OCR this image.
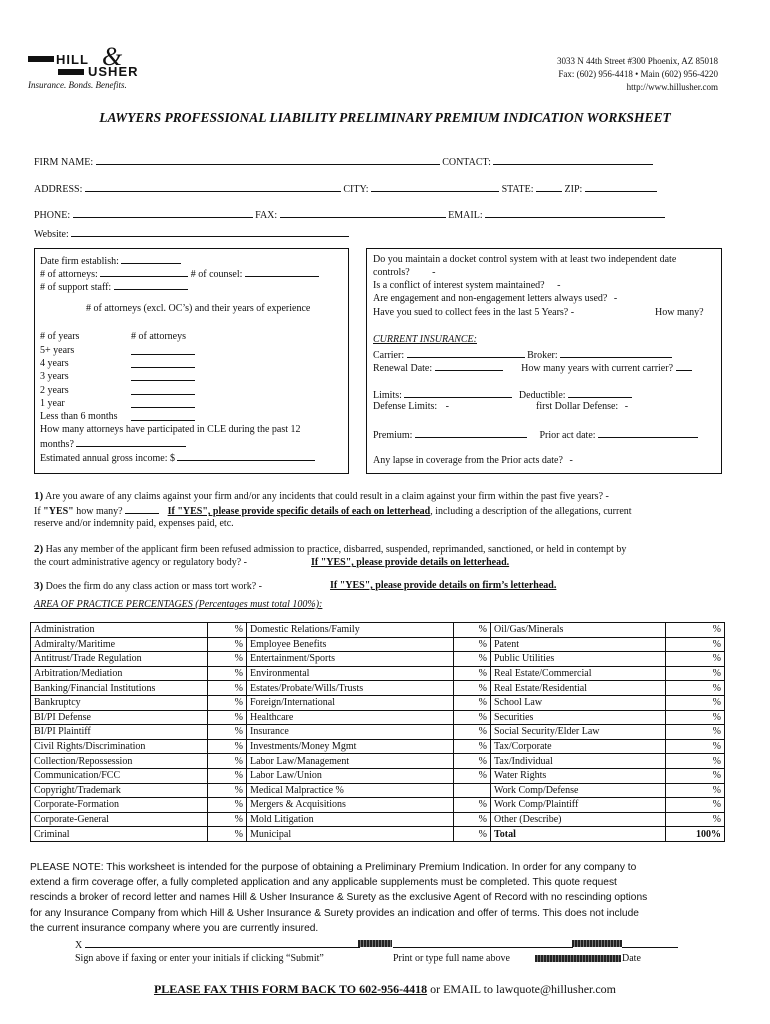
HILL &
USHER
Insurance. Bonds. Benefits.
3033 N 44th Street #300 Phoenix, AZ 85018
Fax: (602) 956-4418 • Main (602) 956-4220
http://www.hillusher.com
LAWYERS PROFESSIONAL LIABILITY PRELIMINARY PREMIUM INDICATION WORKSHEET
FIRM NAME:	CONTACT:
ADDRESS:	CITY:	STATE:	ZIP:
PHONE:	FAX:	EMAIL:
Website:
Date firm establish:
# of attorneys:	# of counsel:
# of support staff:
# of attorneys (excl. OC’s) and their years of experience
# of years	# of attorneys
5+ years
4 years
3 years
2 years
1 year
Less than 6 months
How many attorneys have participated in CLE during the past 12
months?
Estimated annual gross income: $
Do you maintain a docket control system with at least two independent date
controls? -
Is a conflict of interest system maintained? -
Are engagement and non-engagement letters always used? -
Have you sued to collect fees in the last 5 Years? -	How many?
CURRENT INSURANCE:
Carrier:	Broker:
Renewal Date:	How many years with current carrier?
Limits:	Deductible:
Defense Limits: -	first Dollar Defense: -
Premium:	Prior act date:
Any lapse in coverage from the Prior acts date? -
1) Are you aware of any claims against your firm and/or any incidents that could result in a claim against your firm within the past five years? -
If "YES" how many?	If "YES", please provide specific details of each on letterhead, including a description of the allegations, current
reserve and/or indemnity paid, expenses paid, etc.
2) Has any member of the applicant firm been refused admission to practice, disbarred, suspended, reprimanded, sanctioned, or held in contempt by
the court administrative agency or regulatory body? -	If "YES", please provide details on letterhead.
3) Does the firm do any class action or mass tort work? -	If "YES", please provide details on firm’s letterhead.
AREA OF PRACTICE PERCENTAGES (Percentages must total 100%):
Administration	%	Domestic Relations/Family	%	Oil/Gas/Minerals	%
Admiralty/Maritime	%	Employee Benefits	%	Patent	%
Antitrust/Trade Regulation	%	Entertainment/Sports	%	Public Utilities	%
Arbitration/Mediation	%	Environmental	%	Real Estate/Commercial	%
Banking/Financial Institutions	%	Estates/Probate/Wills/Trusts	%	Real Estate/Residential	%
Bankruptcy	%	Foreign/International	%	School Law	%
BI/PI Defense	%	Healthcare	%	Securities	%
BI/PI Plaintiff	%	Insurance	%	Social Security/Elder Law	%
Civil Rights/Discrimination	%	Investments/Money Mgmt	%	Tax/Corporate	%
Collection/Repossession	%	Labor Law/Management	%	Tax/Individual	%
Communication/FCC	%	Labor Law/Union	%	Water Rights	%
Copyright/Trademark	%	Medical Malpractice %		Work Comp/Defense	%
Corporate-Formation	%	Mergers & Acquisitions	%	Work Comp/Plaintiff	%
Corporate-General	%	Mold Litigation	%	Other (Describe)	%
Criminal	%	Municipal	%	Total	100%
PLEASE NOTE: This worksheet is intended for the purpose of obtaining a Preliminary Premium Indication. In order for any company to
extend a firm coverage offer, a fully completed application and any applicable supplements must be completed. This quote request
rescinds a broker of record letter and names Hill & Usher Insurance & Surety as the exclusive Agent of Record with no rescinding options
for any Insurance Company from which Hill & Usher Insurance & Surety provides an indication and offer of terms. This does not include
the current insurance company where you are currently insured.
X
Sign above if faxing or enter your initials if clicking “Submit”	Print or type full name above	Date
PLEASE FAX THIS FORM BACK TO 602-956-4418 or EMAIL to lawquote@hillusher.com
